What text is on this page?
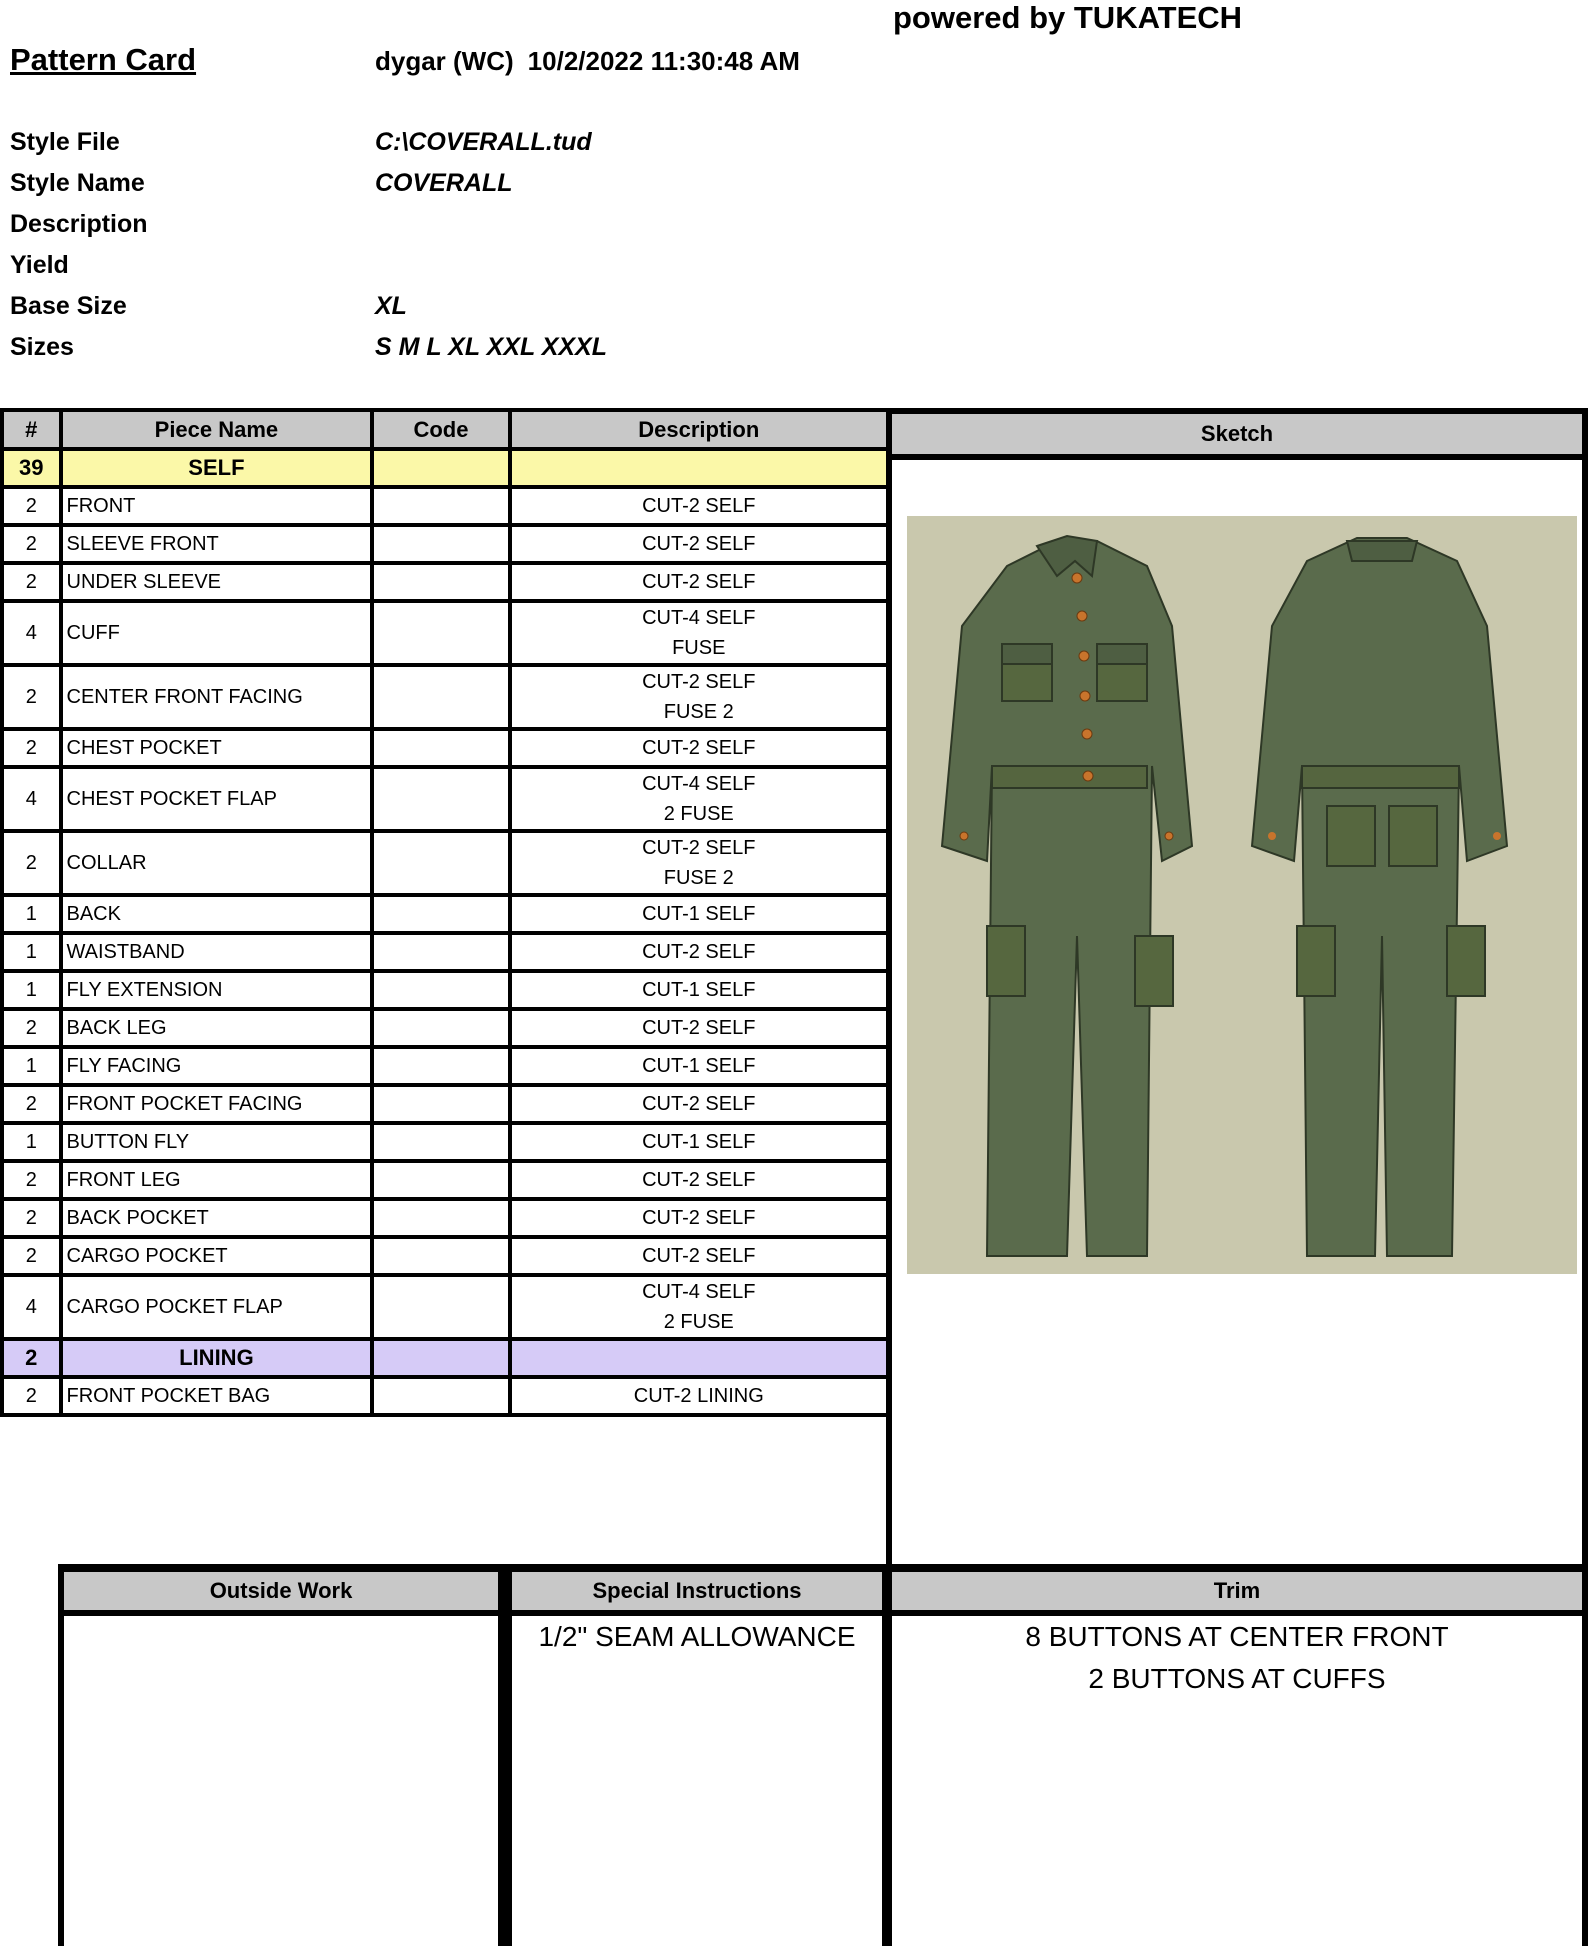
powered by TUKATECH
Pattern Card	dygar (WC) 10/2/2022 11:30:48 AM
Style File	C:\COVERALL.tud
Style Name	COVERALL
Description
Yield
Base Size	XL
Sizes	S M L XL XXL XXXL
#	Piece Name	Code	Description
39	SELF		
2	FRONT		CUT-2 SELF

2	SLEEVE FRONT		CUT-2 SELF

2	UNDER SLEEVE		CUT-2 SELF

4	CUFF		CUT-4 SELF
FUSE

2	CENTER FRONT FACING		CUT-2 SELF
FUSE 2

2	CHEST POCKET		CUT-2 SELF

4	CHEST POCKET FLAP		CUT-4 SELF
2 FUSE

2	COLLAR		CUT-2 SELF
FUSE 2

1	BACK		CUT-1 SELF

1	WAISTBAND		CUT-2 SELF

1	FLY EXTENSION		CUT-1 SELF

2	BACK LEG		CUT-2 SELF

1	FLY FACING		CUT-1 SELF

2	FRONT POCKET FACING		CUT-2 SELF

1	BUTTON FLY		CUT-1 SELF

2	FRONT LEG		CUT-2 SELF

2	BACK POCKET		CUT-2 SELF

2	CARGO POCKET		CUT-2 SELF

4	CARGO POCKET FLAP		CUT-4 SELF
2 FUSE

2	LINING		
2	FRONT POCKET BAG		CUT-2 LINING
Sketch
Outside Work	Special Instructions
1/2" SEAM ALLOWANCE
Trim
8 BUTTONS AT CENTER FRONT
2 BUTTONS AT CUFFS
